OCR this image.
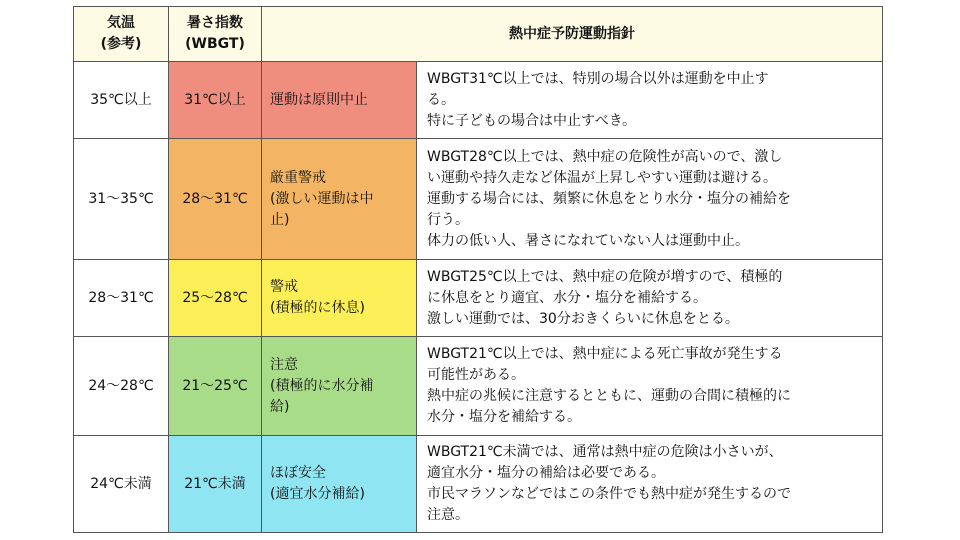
気温
(参考)	暑さ指数
(WBGT)	熱中症予防運動指針	
35℃以上	31℃以上	運動は原則中止	WBGT31℃以上では、特別の場合以外は運動を中止す
る。
特に子どもの場合は中止すべき。

31〜35℃	28〜31℃	厳重警戒
(激しい運動は中
止)	WBGT28℃以上では、熱中症の危険性が高いので、激し
い運動や持久走など体温が上昇しやすい運動は避ける。
運動する場合には、頻繁に休息をとり水分・塩分の補給を
行う。
体力の低い人、暑さになれていない人は運動中止。

28〜31℃	25〜28℃	警戒
(積極的に休息)	WBGT25℃以上では、熱中症の危険が増すので、積極的
に休息をとり適宜、水分・塩分を補給する。
激しい運動では、30分おきくらいに休息をとる。

24〜28℃	21〜25℃	注意
(積極的に水分補
給)	WBGT21℃以上では、熱中症による死亡事故が発生する
可能性がある。
熱中症の兆候に注意するとともに、運動の合間に積極的に
水分・塩分を補給する。

24℃未満	21℃未満	ほぼ安全
(適宜水分補給)	WBGT21℃未満では、通常は熱中症の危険は小さいが、
適宜水分・塩分の補給は必要である。
市民マラソンなどではこの条件でも熱中症が発生するので
注意。
